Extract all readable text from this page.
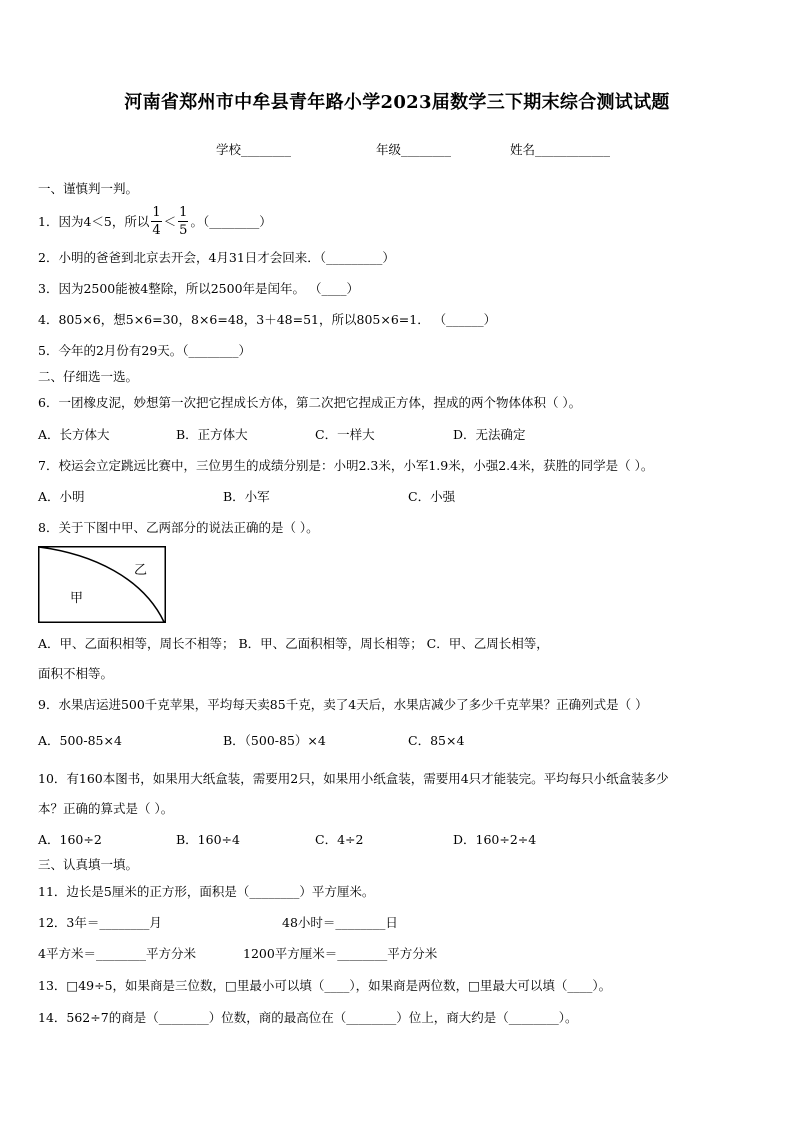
河南省郑州市中牟县青年路小学2023届数学三下期末综合测试试题
学校________	年级________	姓名____________
一、谨慎判一判。
1．因为4＜5，所以 $\frac{1}{4} < \frac{1}{5}$ 。（________）
2．小明的爸爸到北京去开会，4月31日才会回来．（_________）
3．因为2500能被4整除，所以2500年是闰年。 （____）
4．805×6，想5×6=30，8×6=48，3＋48=51，所以805×6=1． （______）
5．今年的2月份有29天。（________）
二、仔细选一选。
6．一团橡皮泥，妙想第一次把它捏成长方体，第二次把它捏成正方体，捏成的两个物体体积（ ）。
A．长方体大	B．正方体大	C．一样大	D．无法确定
7．校运会立定跳远比赛中，三位男生的成绩分别是：小明2.3米，小军1.9米，小强2.4米，获胜的同学是（ ）。
A．小明	B．小军	C．小强
8．关于下图中甲、乙两部分的说法正确的是（ ）。
乙
甲
A．甲、乙面积相等，周长不相等； B．甲、乙面积相等，周长相等； C．甲、乙周长相等，
面积不相等。
9．水果店运进500千克苹果，平均每天卖85千克，卖了4天后，水果店减少了多少千克苹果？正确列式是（ ）
A．500-85×4	B．（500-85）×4	C．85×4
10．有160本图书，如果用大纸盒装，需要用2只，如果用小纸盒装，需要用4只才能装完。平均每只小纸盒装多少
本？正确的算式是（ ）。
A．160÷2	B．160÷4	C．4÷2	D．160÷2÷4
三、认真填一填。
11．边长是5厘米的正方形，面积是（________）平方厘米。
12．3年＝________月	48小时＝________日
4平方米＝________平方分米	1200平方厘米＝________平方分米
13．□49÷5，如果商是三位数，□里最小可以填（____），如果商是两位数，□里最大可以填（____）。
14．562÷7的商是（________）位数，商的最高位在（________）位上，商大约是（________）。
